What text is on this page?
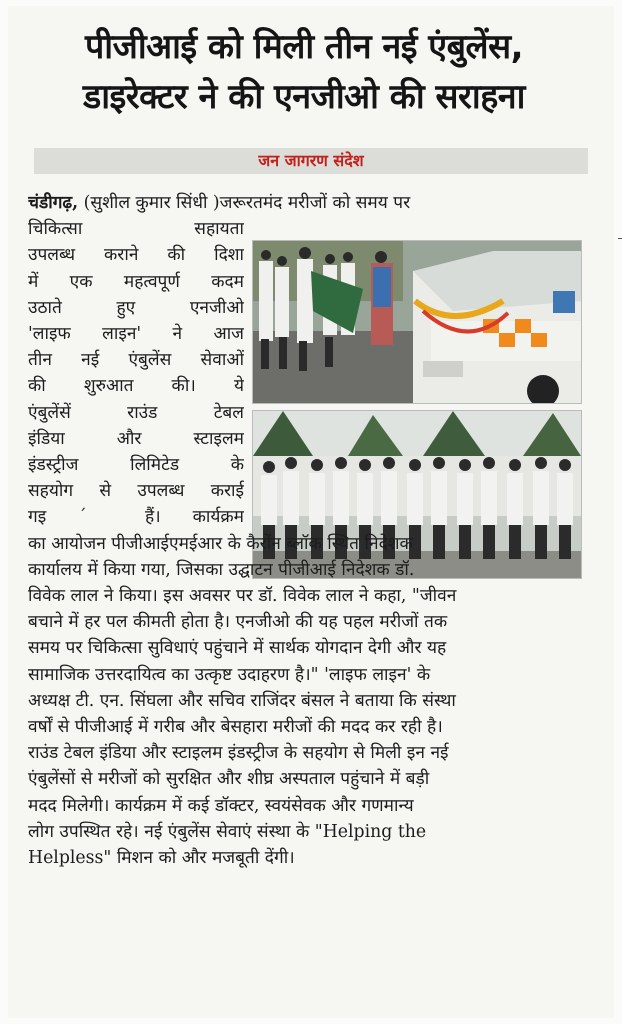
पीजीआई को मिली तीन नई एंबुलेंस,
डाइरेक्टर ने की एनजीओ की सराहना
जन जागरण संदेश

चंडीगढ़, (सुशील कुमार सिंधी )जरूरतमंद मरीजों को समय पर

चिकित्सा सहायता
उपलब्ध कराने की दिशा
में एक महत्वपूर्ण कदम
उठाते हुए एनजीओ
'लाइफ लाइन' ने आज
तीन नई एंबुलेंस सेवाओं
की शुरुआत की। ये
एंबुलेंसें राउंड टेबल
इंडिया और स्टाइलम
इंडस्ट्रीज लिमिटेड के
सहयोग से उपलब्ध कराई
गइ ˊ हैं। कार्यक्रम
का आयोजन पीजीआईएमईआर के कैरोंन ब्लॉक स्थित निदेशक
कार्यालय में किया गया, जिसका उद्घाटन पीजीआई निदेशक डॉ.
विवेक लाल ने किया। इस अवसर पर डॉ. विवेक लाल ने कहा, "जीवन
बचाने में हर पल कीमती होता है। एनजीओ की यह पहल मरीजों तक
समय पर चिकित्सा सुविधाएं पहुंचाने में सार्थक योगदान देगी और यह
सामाजिक उत्तरदायित्व का उत्कृष्ट उदाहरण है।" 'लाइफ लाइन' के
अध्यक्ष टी. एन. सिंघला और सचिव राजिंदर बंसल ने बताया कि संस्था
वर्षों से पीजीआई में गरीब और बेसहारा मरीजों की मदद कर रही है।
राउंड टेबल इंडिया और स्टाइलम इंडस्ट्रीज के सहयोग से मिली इन नई
एंबुलेंसों से मरीजों को सुरक्षित और शीघ्र अस्पताल पहुंचाने में बड़ी
मदद मिलेगी। कार्यक्रम में कई डॉक्टर, स्वयंसेवक और गणमान्य
लोग उपस्थित रहे। नई एंबुलेंस सेवाएं संस्था के "Helping the
Helpless" मिशन को और मजबूती देंगी।
